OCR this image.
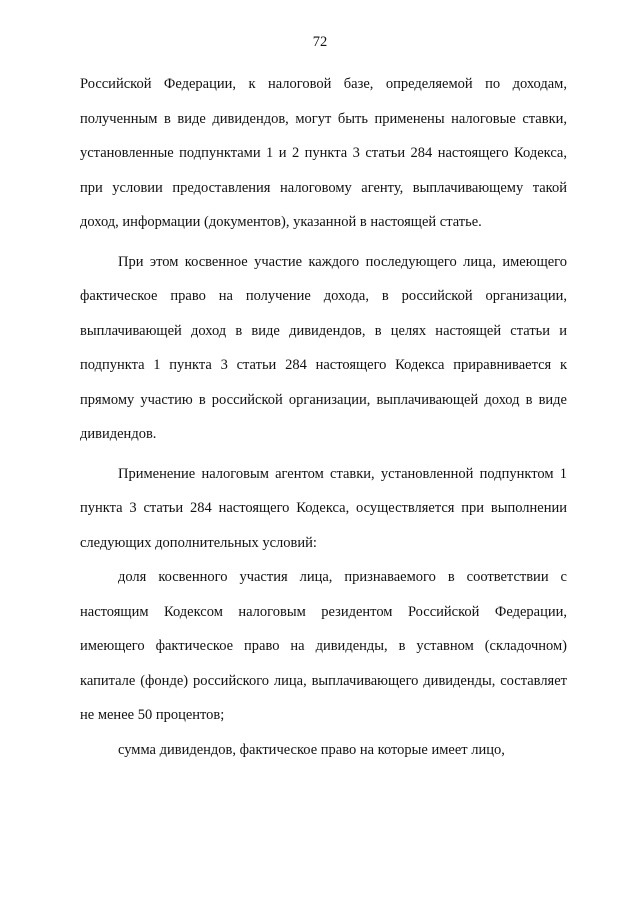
72

Российской Федерации, к налоговой базе, определяемой по доходам, полученным в виде дивидендов, могут быть применены налоговые ставки, установленные подпунктами 1 и 2 пункта 3 статьи 284 настоящего Кодекса, при условии предоставления налоговому агенту, выплачивающему такой доход, информации (документов), указанной в настоящей статье.

При этом косвенное участие каждого последующего лица, имеющего фактическое право на получение дохода, в российской организации, выплачивающей доход в виде дивидендов, в целях настоящей статьи и подпункта 1 пункта 3 статьи 284 настоящего Кодекса приравнивается к прямому участию в российской организации, выплачивающей доход в виде дивидендов.

Применение налоговым агентом ставки, установленной подпунктом 1 пункта 3 статьи 284 настоящего Кодекса, осуществляется при выполнении следующих дополнительных условий:

доля косвенного участия лица, признаваемого в соответствии с настоящим Кодексом налоговым резидентом Российской Федерации, имеющего фактическое право на дивиденды, в уставном (складочном) капитале (фонде) российского лица, выплачивающего дивиденды, составляет не менее 50 процентов;

сумма дивидендов, фактическое право на которые имеет лицо,
